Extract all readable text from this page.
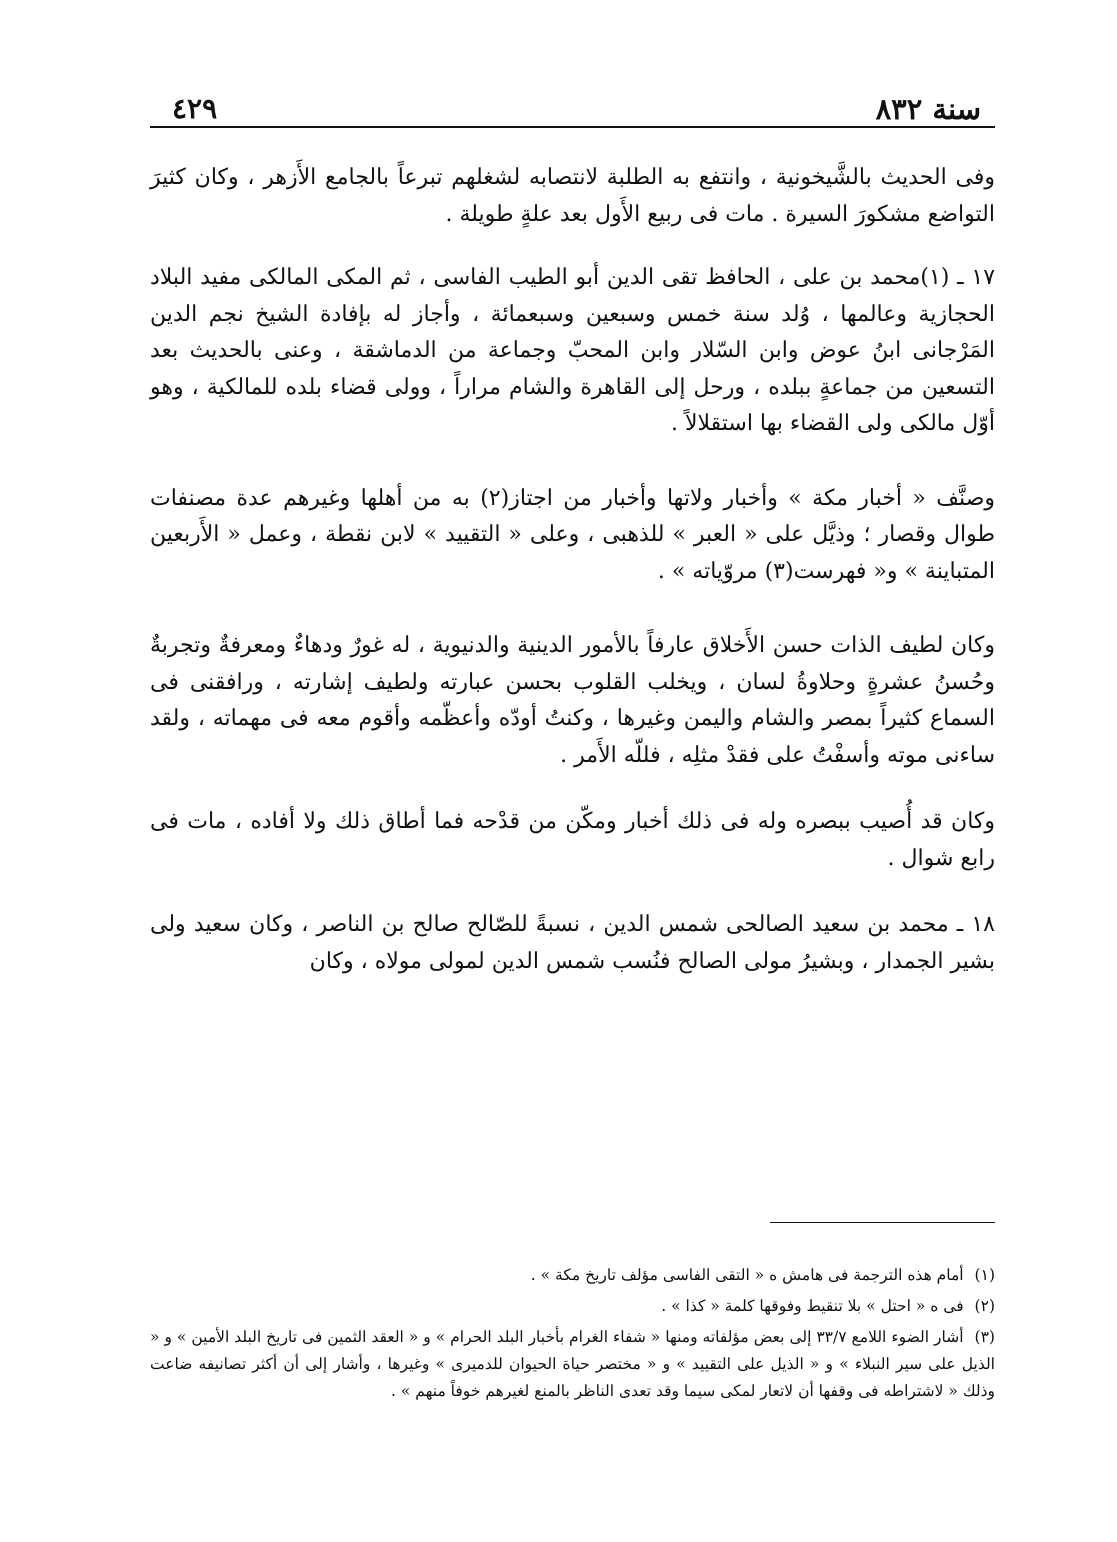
سنة ٨٣٢
٤٢٩

وفى الحديث بالشَّيخونية ، وانتفع به الطلبة لانتصابه لشغلهم تبرعاً بالجامع الأَزهر ، وكان كثيرَ التواضع مشكورَ السيرة . مات فى ربيع الأَول بعد علةٍ طويلة .

١٧ ـ (١)محمد بن على ، الحافظ تقى الدين أبو الطيب الفاسى ، ثم المكى المالكى مفيد البلاد الحجازية وعالمها ، وُلد سنة خمس وسبعين وسبعمائة ، وأجاز له بإفادة الشيخ نجم الدين المَرْجانى ابنُ عوض وابن السّلار وابن المحبّ وجماعة من الدماشقة ، وعنى بالحديث بعد التسعين من جماعةٍ ببلده ، ورحل إلى القاهرة والشام مراراً ، وولى قضاء بلده للمالكية ، وهو أوّل مالكى ولى القضاء بها استقلالاً .

وصنَّف « أخبار مكة » وأخبار ولاتها وأخبار من اجتاز(٢) به من أهلها وغيرهم عدة مصنفات طوال وقصار ؛ وذيَّل على « العبر » للذهبى ، وعلى « التقييد » لابن نقطة ، وعمل « الأَربعين المتباينة » و« فهرست(٣) مروّياته » .

وكان لطيف الذات حسن الأَخلاق عارفاً بالأمور الدينية والدنيوية ، له غورٌ ودهاءٌ ومعرفةٌ وتجربةٌ وحُسنُ عشرةٍ وحلاوةُ لسان ، ويخلب القلوب بحسن عبارته ولطيف إشارته ، ورافقنى فى السماع كثيراً بمصر والشام واليمن وغيرها ، وكنتُ أودّه وأعظّمه وأقوم معه فى مهماته ، ولقد ساءنى موته وأسفْتُ على فقدْ مثلِه ، فللّه الأَمر .

وكان قد أُصيب ببصره وله فى ذلك أخبار ومكّن من قدْحه فما أطاق ذلك ولا أفاده ، مات فى رابع شوال .

١٨ ـ محمد بن سعيد الصالحى شمس الدين ، نسبةً للصّالح صالح بن الناصر ، وكان سعيد ولى بشير الجمدار ، وبشيرُ مولى الصالح فنُسب شمس الدين لمولى مولاه ، وكان

(١) أمام هذه الترجمة فى هامش ه « التقى الفاسى مؤلف تاريخ مكة » .

(٢) فى ه « احتل » بلا تنقيط وفوقها كلمة « كذا » .

(٣) أشار الضوء اللامع ٣٣/٧ إلى بعض مؤلفاته ومنها « شفاء الغرام بأخبار البلد الحرام » و « العقد الثمين فى تاريخ البلد الأمين » و « الذيل على سير النبلاء » و « الذيل على التقييد » و « مختصر حياة الحيوان للدميرى » وغيرها ، وأشار إلى أن أكثر تصانيفه ضاعت وذلك « لاشتراطه فى وقفها أن لاتعار لمكى سيما وقد تعدى الناظر بالمنع لغيرهم خوفاً منهم » .
